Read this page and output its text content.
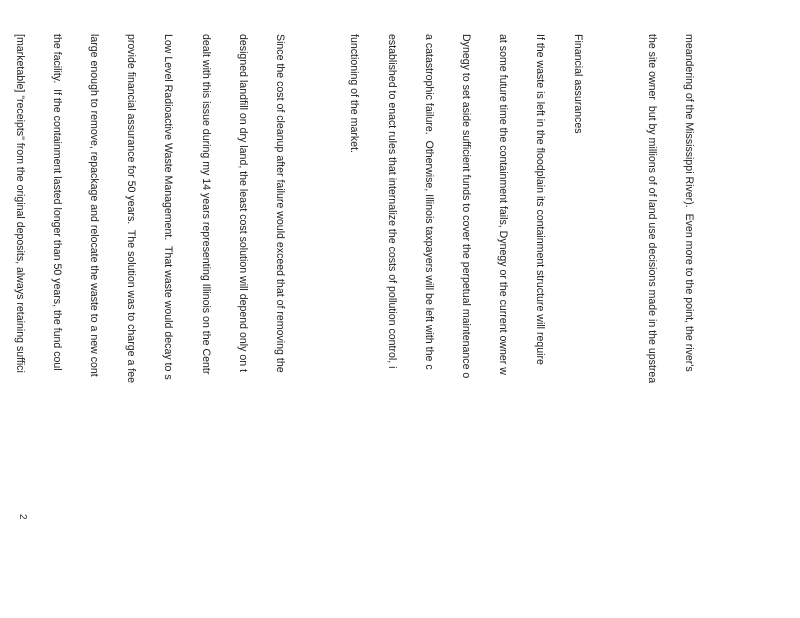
meandering of the Mississippi River).  Even more to the point, the river's

the site owner  but by millions of of land use decisions made in the upstrea

Financial assurances

If the waste is left in the floodplain its containment structure will require

at some future time the containment fails, Dynegy or the current owner w

Dynegy to set aside sufficient funds to cover the perpetual maintenance o

a catastrophic failure.  Otherwise, Illinois taxpayers will be left with the c

established to enact rules that internalize the costs of pollution control, i

functioning of the market.

Since the cost of cleanup after failure would exceed that of removing the

designed landfill on dry land, the least cost solution will depend only on t

dealt with this issue during my 14 years representing Illinois on the Centr

Low Level Radioactive Waste Management.  That waste would decay to s

provide financial assurance for 50 years.  The solution was to charge a fee

large enough to remove, repackage and relocate the waste to a new cont

the facility.  If the containment lasted longer than 50 years, the fund coul

[marketable] "receipts" from the original deposits, always retaining suffici

2
